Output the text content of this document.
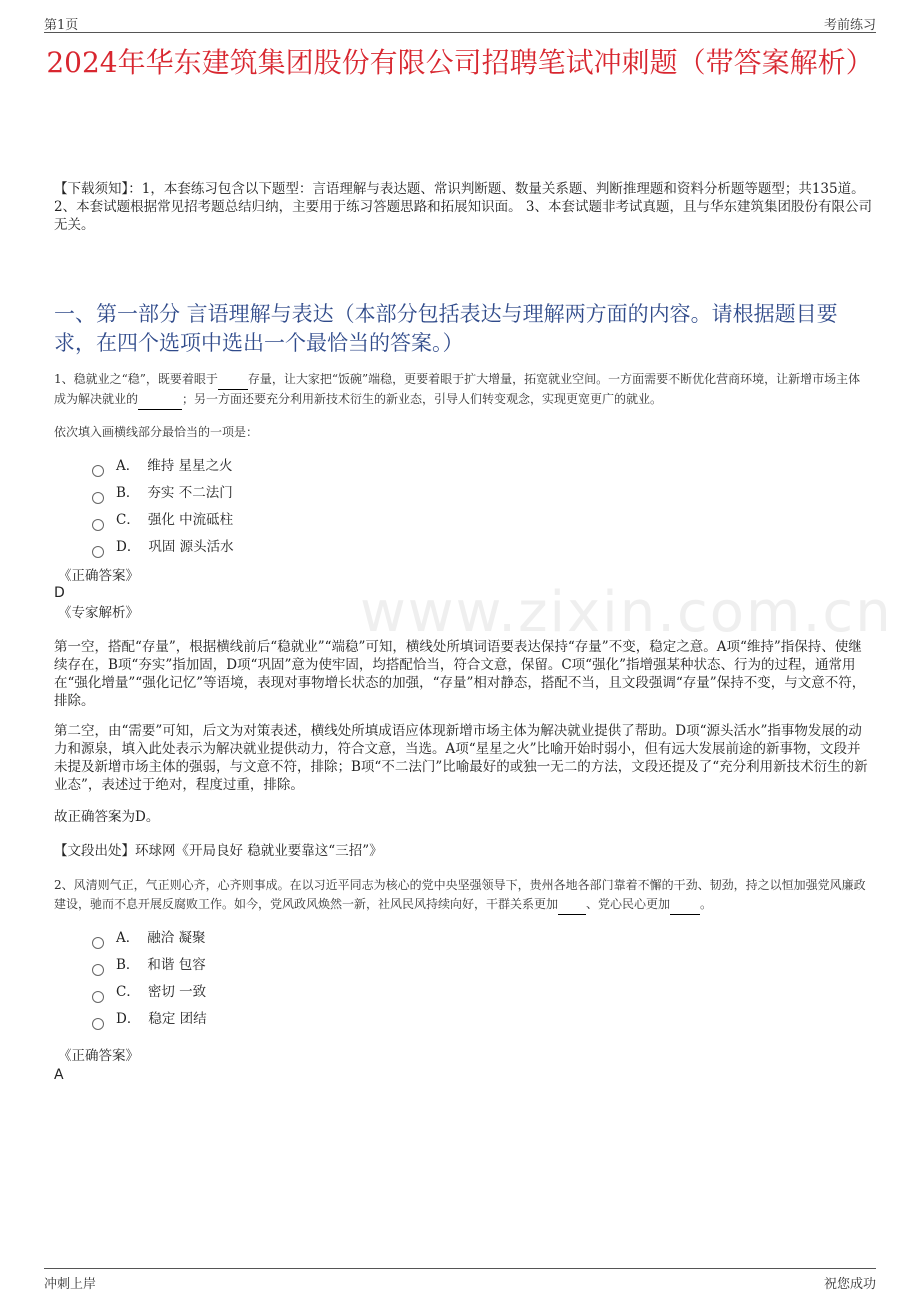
第1页	考前练习
www.zixin.com.cn
2024年华东建筑集团股份有限公司招聘笔试冲刺题（带答案解析）
【下载须知】：1，本套练习包含以下题型：言语理解与表达题、常识判断题、数量关系题、判断推理题和资料分析题等题型；共135道。 2、本套试题根据常见招考题总结归纳，主要用于练习答题思路和拓展知识面。 3、本套试题非考试真题，且与华东建筑集团股份有限公司无关。
一、第一部分 言语理解与表达（本部分包括表达与理解两方面的内容。请根据题目要求，在四个选项中选出一个最恰当的答案。）
1、稳就业之“稳”，既要着眼于	存量，让大家把“饭碗”端稳，更要着眼于扩大增量，拓宽就业空间。一方面需要不断优化营商环境，让新增市场主体成为解决就业的	；另一方面还要充分利用新技术衍生的新业态，引导人们转变观念，实现更宽更广的就业。
依次填入画横线部分最恰当的一项是：
A． 维持 星星之火
B． 夯实 不二法门
C． 强化 中流砥柱
D． 巩固 源头活水
《正确答案》
D
《专家解析》
第一空，搭配“存量”，根据横线前后“稳就业”“端稳”可知，横线处所填词语要表达保持“存量”不变，稳定之意。A项“维持”指保持、使继续存在，B项“夯实”指加固，D项“巩固”意为使牢固，均搭配恰当，符合文意，保留。C项“强化”指增强某种状态、行为的过程，通常用在“强化增量”“强化记忆”等语境，表现对事物增长状态的加强，“存量”相对静态，搭配不当，且文段强调“存量”保持不变，与文意不符，排除。
第二空，由“需要”可知，后文为对策表述，横线处所填成语应体现新增市场主体为解决就业提供了帮助。D项“源头活水”指事物发展的动力和源泉，填入此处表示为解决就业提供动力，符合文意，当选。A项“星星之火”比喻开始时弱小，但有远大发展前途的新事物，文段并未提及新增市场主体的强弱，与文意不符，排除；B项“不二法门”比喻最好的或独一无二的方法，文段还提及了“充分利用新技术衍生的新业态”，表述过于绝对，程度过重，排除。
故正确答案为D。
【文段出处】环球网《开局良好 稳就业要靠这“三招”》
2、风清则气正，气正则心齐，心齐则事成。在以习近平同志为核心的党中央坚强领导下，贵州各地各部门靠着不懈的干劲、韧劲，持之以恒加强党风廉政建设，驰而不息开展反腐败工作。如今，党风政风焕然一新，社风民风持续向好，干群关系更加 、党心民心更加	。
A． 融洽 凝聚
B． 和谐 包容
C． 密切 一致
D． 稳定 团结
《正确答案》
A
冲刺上岸	祝您成功
